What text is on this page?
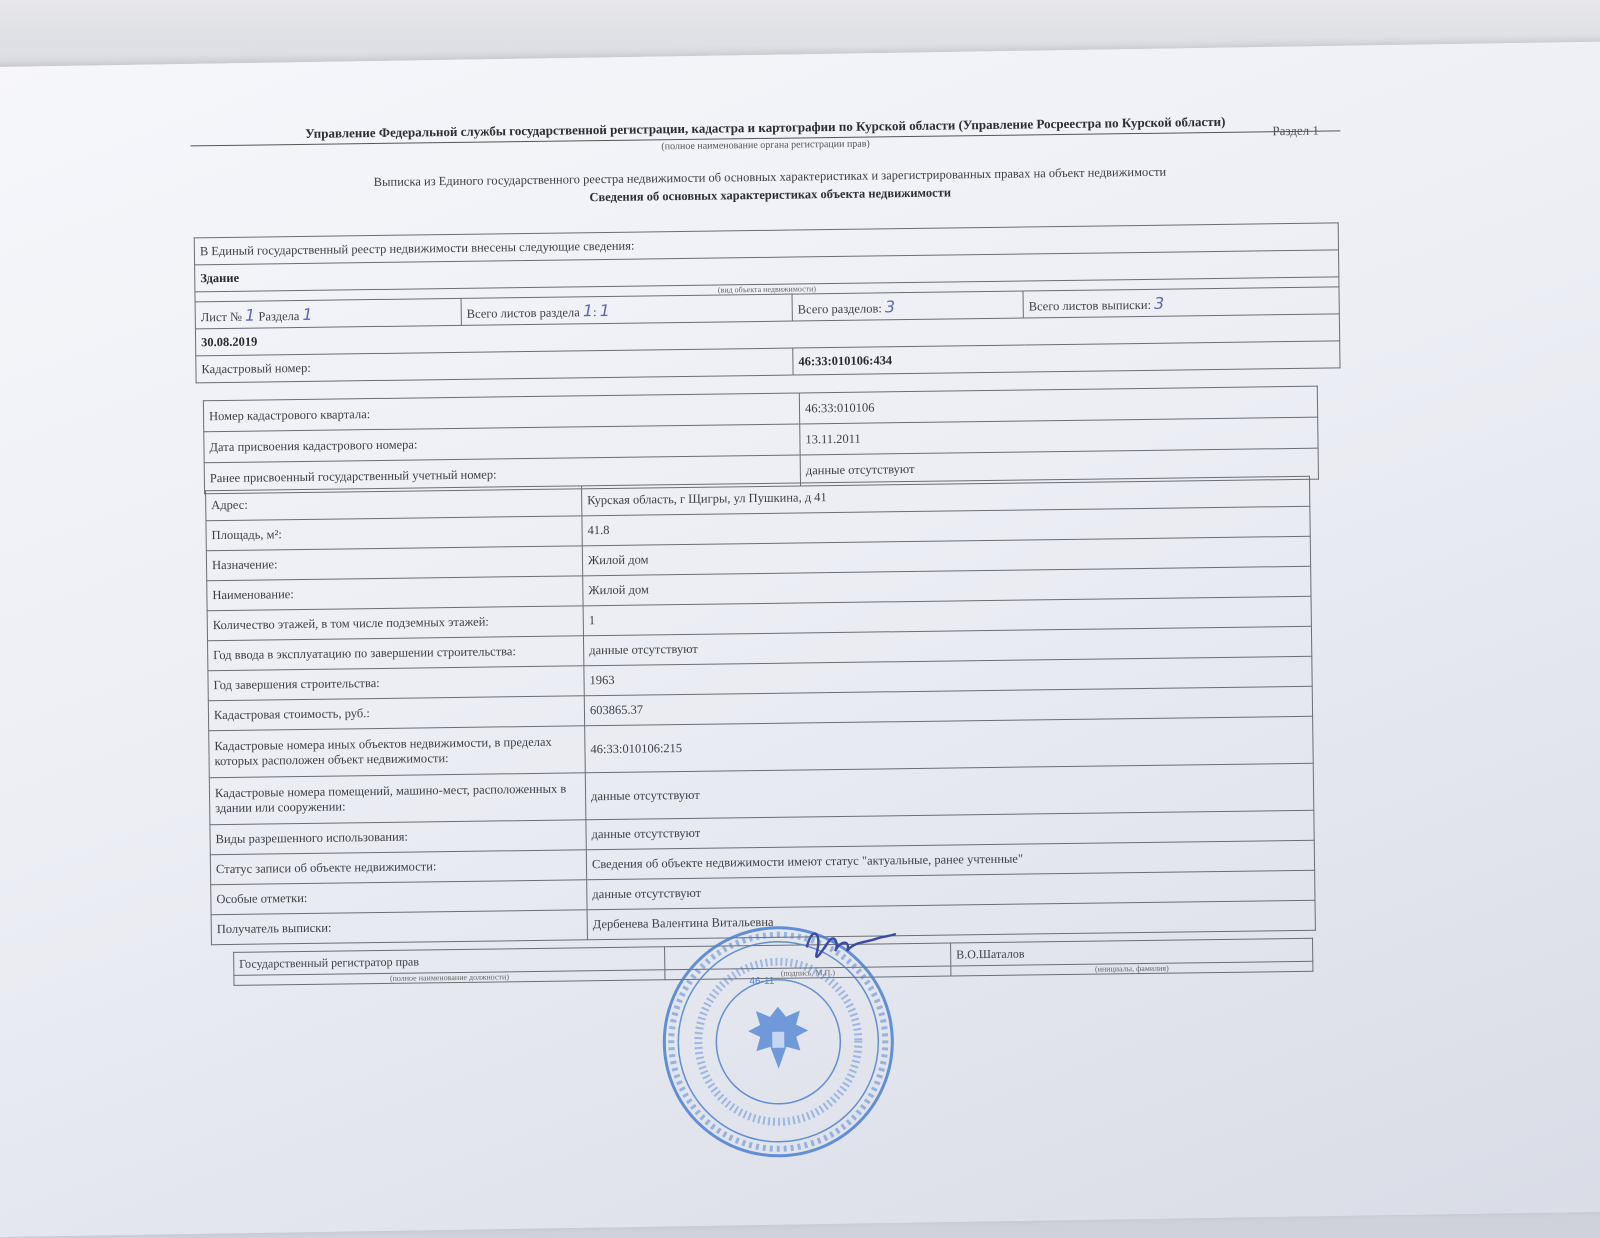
Управление Федеральной службы государственной регистрации, кадастра и картографии по Курской области (Управление Росреестра по Курской области)
(полное наименование органа регистрации прав)
Раздел 1
Выписка из Единого государственного реестра недвижимости об основных характеристиках и зарегистрированных правах на объект недвижимости
Сведения об основных характеристиках объекта недвижимости
В Единый государственный реестр недвижимости внесены следующие сведения:			
Здание			
(вид объекта недвижимости)			
Лист № 1 Раздела 1	Всего листов раздела 1: 1	Всего разделов: 3	Всего листов выписки: 3
30.08.2019			
Кадастровый номер:		46:33:010106:434	
Номер кадастрового квартала:	46:33:010106
Дата присвоения кадастрового номера:	13.11.2011
Ранее присвоенный государственный учетный номер:	данные отсутствуют
Адрес:	Курская область, г Щигры, ул Пушкина, д 41
Площадь, м²:	41.8
Назначение:	Жилой дом
Наименование:	Жилой дом
Количество этажей, в том числе подземных этажей:	1
Год ввода в эксплуатацию по завершении строительства:	данные отсутствуют
Год завершения строительства:	1963
Кадастровая стоимость, руб.:	603865.37
Кадастровые номера иных объектов недвижимости, в пределах которых расположен объект недвижимости:	46:33:010106:215
Кадастровые номера помещений, машино-мест, расположенных в здании или сооружении:	данные отсутствуют
Виды разрешенного использования:	данные отсутствуют
Статус записи об объекте недвижимости:	Сведения об объекте недвижимости имеют статус "актуальные, ранее учтенные"
Особые отметки:	данные отсутствуют
Получатель выписки:	Дербенева Валентина Витальевна
Государственный регистратор прав		В.О.Шаталов
(полное наименование должности)	(подпись, М.П.)	(инициалы, фамилия)
46-11
